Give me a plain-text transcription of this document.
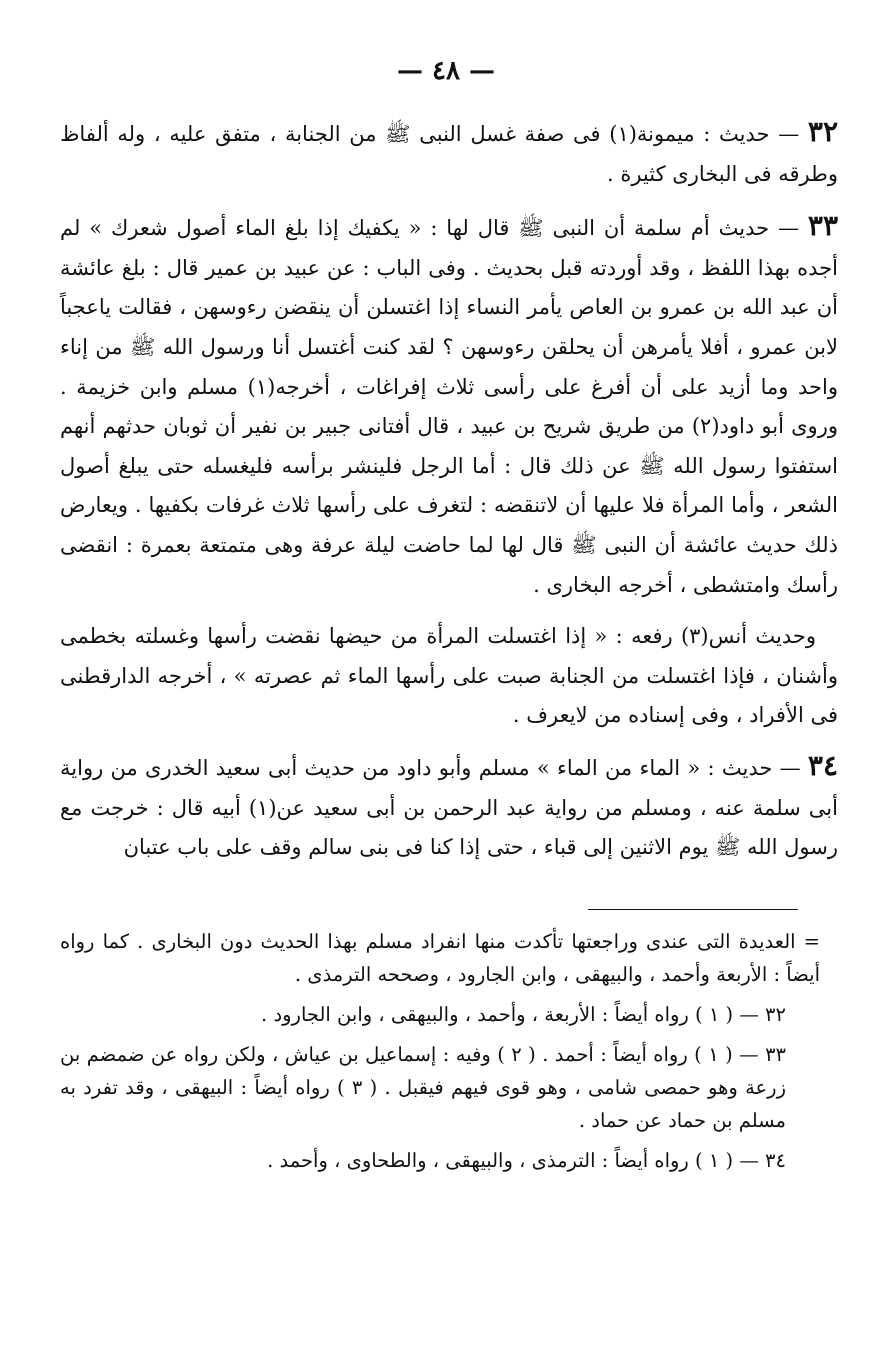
— ٤٨ —

٣٢ — حديث : ميمونة(١) فى صفة غسل النبى ﷺ من الجنابة ، متفق عليه ، وله ألفاظ وطرقه فى البخارى كثيرة .

٣٣ — حديث أم سلمة أن النبى ﷺ قال لها : « يكفيك إذا بلغ الماء أصول شعرك » لم أجده بهذا اللفظ ، وقد أوردته قبل بحديث . وفى الباب : عن عبيد بن عمير قال : بلغ عائشة أن عبد الله بن عمرو بن العاص يأمر النساء إذا اغتسلن أن ينقضن رءوسهن ، فقالت ياعجباً لابن عمرو ، أفلا يأمرهن أن يحلقن رءوسهن ؟ لقد كنت أغتسل أنا ورسول الله ﷺ من إناء واحد وما أزيد على أن أفرغ على رأسى ثلاث إفراغات ، أخرجه(١) مسلم وابن خزيمة . وروى أبو داود(٢) من طريق شريح بن عبيد ، قال أفتانى جبير بن نفير أن ثوبان حدثهم أنهم استفتوا رسول الله ﷺ عن ذلك قال : أما الرجل فلينشر برأسه فليغسله حتى يبلغ أصول الشعر ، وأما المرأة فلا عليها أن لاتنقضه : لتغرف على رأسها ثلاث غرفات بكفيها . ويعارض ذلك حديث عائشة أن النبى ﷺ قال لها لما حاضت ليلة عرفة وهى متمتعة بعمرة : انقضى رأسك وامتشطى ، أخرجه البخارى .

وحديث أنس(٣) رفعه : « إذا اغتسلت المرأة من حيضها نقضت رأسها وغسلته بخطمى وأشنان ، فإذا اغتسلت من الجنابة صبت على رأسها الماء ثم عصرته » ، أخرجه الدارقطنى فى الأفراد ، وفى إسناده من لايعرف .

٣٤ — حديث : « الماء من الماء » مسلم وأبو داود من حديث أبى سعيد الخدرى من رواية أبى سلمة عنه ، ومسلم من رواية عبد الرحمن بن أبى سعيد عن(١) أبيه قال : خرجت مع رسول الله ﷺ يوم الاثنين إلى قباء ، حتى إذا كنا فى بنى سالم وقف على باب عتبان

= العديدة التى عندى وراجعتها تأكدت منها انفراد مسلم بهذا الحديث دون البخارى . كما رواه أيضاً : الأربعة وأحمد ، والبيهقى ، وابن الجارود ، وصححه الترمذى .

٣٢ — ( ١ ) رواه أيضاً : الأربعة ، وأحمد ، والبيهقى ، وابن الجارود .

٣٣ — ( ١ ) رواه أيضاً : أحمد . ( ٢ ) وفيه : إسماعيل بن عياش ، ولكن رواه عن ضمضم بن زرعة وهو حمصى شامى ، وهو قوى فيهم فيقبل . ( ٣ ) رواه أيضاً : البيهقى ، وقد تفرد به مسلم بن حماد عن حماد .

٣٤ — ( ١ ) رواه أيضاً : الترمذى ، والبيهقى ، والطحاوى ، وأحمد .
